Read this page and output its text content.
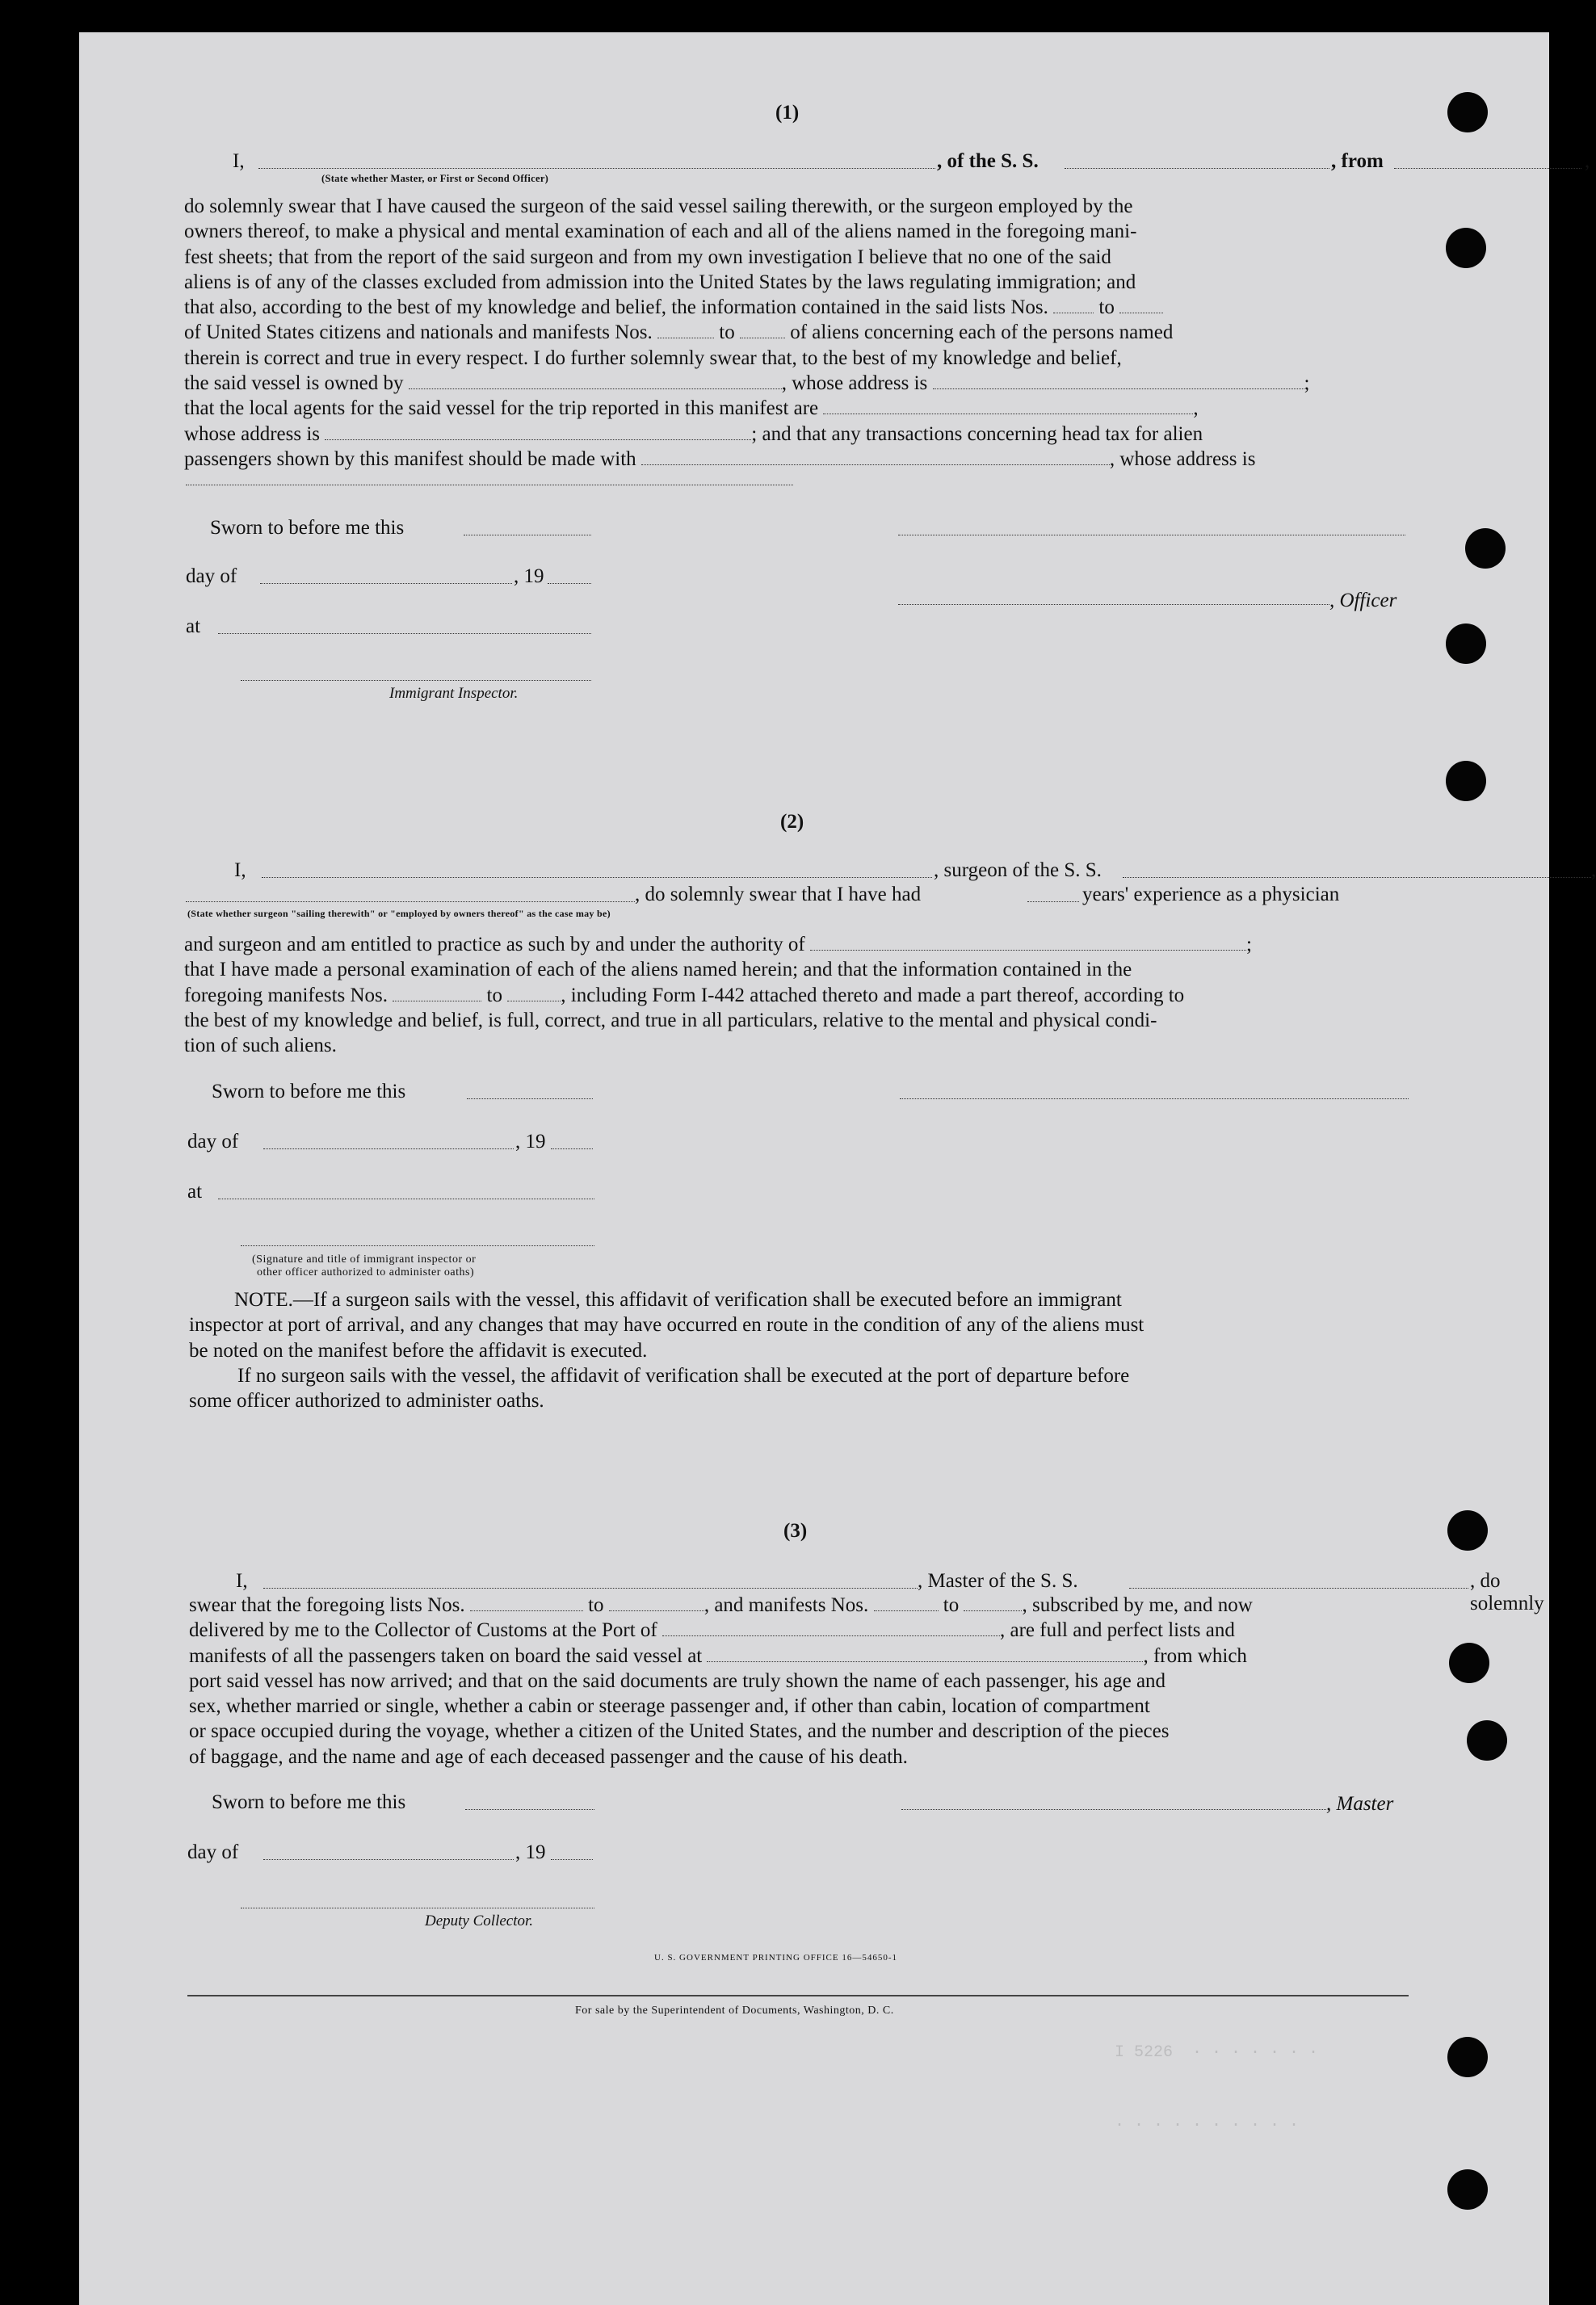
I 5226  · · · · · · ·
· · · · · · · · · ·
(1)
I,	, of the S. S.	, from	,
(State whether Master, or First or Second Officer)
do solemnly swear that I have caused the surgeon of the said vessel sailing therewith, or the surgeon employed by the
owners thereof, to make a physical and mental examination of each and all of the aliens named in the foregoing mani-
fest sheets; that from the report of the said surgeon and from my own investigation I believe that no one of the said
aliens is of any of the classes excluded from admission into the United States by the laws regulating immigration; and
that also, according to the best of my knowledge and belief, the information contained in the said lists Nos.	to
of United States citizens and nationals and manifests Nos.	to	of aliens concerning each of the persons named
therein is correct and true in every respect. I do further solemnly swear that, to the best of my knowledge and belief,
the said vessel is owned by	, whose address is	;
that the local agents for the said vessel for the trip reported in this manifest are	,
whose address is	; and that any transactions concerning head tax for alien
passengers shown by this manifest should be made with	, whose address is
Sworn to before me this
day of	, 19
, Officer
at
Immigrant Inspector.
(2)
I,	, surgeon of the S. S.	,
, do solemnly swear that I have had	years' experience as a physician
(State whether surgeon "sailing therewith" or "employed by owners thereof" as the case may be)
and surgeon and am entitled to practice as such by and under the authority of	;
that I have made a personal examination of each of the aliens named herein; and that the information contained in the
foregoing manifests Nos.	to	, including Form I-442 attached thereto and made a part thereof, according to
the best of my knowledge and belief, is full, correct, and true in all particulars, relative to the mental and physical condi-
tion of such aliens.
Sworn to before me this
day of	, 19
at
(Signature and title of immigrant inspector or
other officer authorized to administer oaths)
NOTE.—If a surgeon sails with the vessel, this affidavit of verification shall be executed before an immigrant
inspector at port of arrival, and any changes that may have occurred en route in the condition of any of the aliens must
be noted on the manifest before the affidavit is executed.
If no surgeon sails with the vessel, the affidavit of verification shall be executed at the port of departure before
some officer authorized to administer oaths.
(3)
I,	, Master of the S. S.	, do solemnly
swear that the foregoing lists Nos.	to	, and manifests Nos.	to	, subscribed by me, and now
delivered by me to the Collector of Customs at the Port of	, are full and perfect lists and
manifests of all the passengers taken on board the said vessel at	, from which
port said vessel has now arrived; and that on the said documents are truly shown the name of each passenger, his age and
sex, whether married or single, whether a cabin or steerage passenger and, if other than cabin, location of compartment
or space occupied during the voyage, whether a citizen of the United States, and the number and description of the pieces
of baggage, and the name and age of each deceased passenger and the cause of his death.
Sworn to before me this	, Master
day of	, 19
Deputy Collector.
U. S. GOVERNMENT PRINTING OFFICE 16—54650-1
For sale by the Superintendent of Documents, Washington, D. C.
